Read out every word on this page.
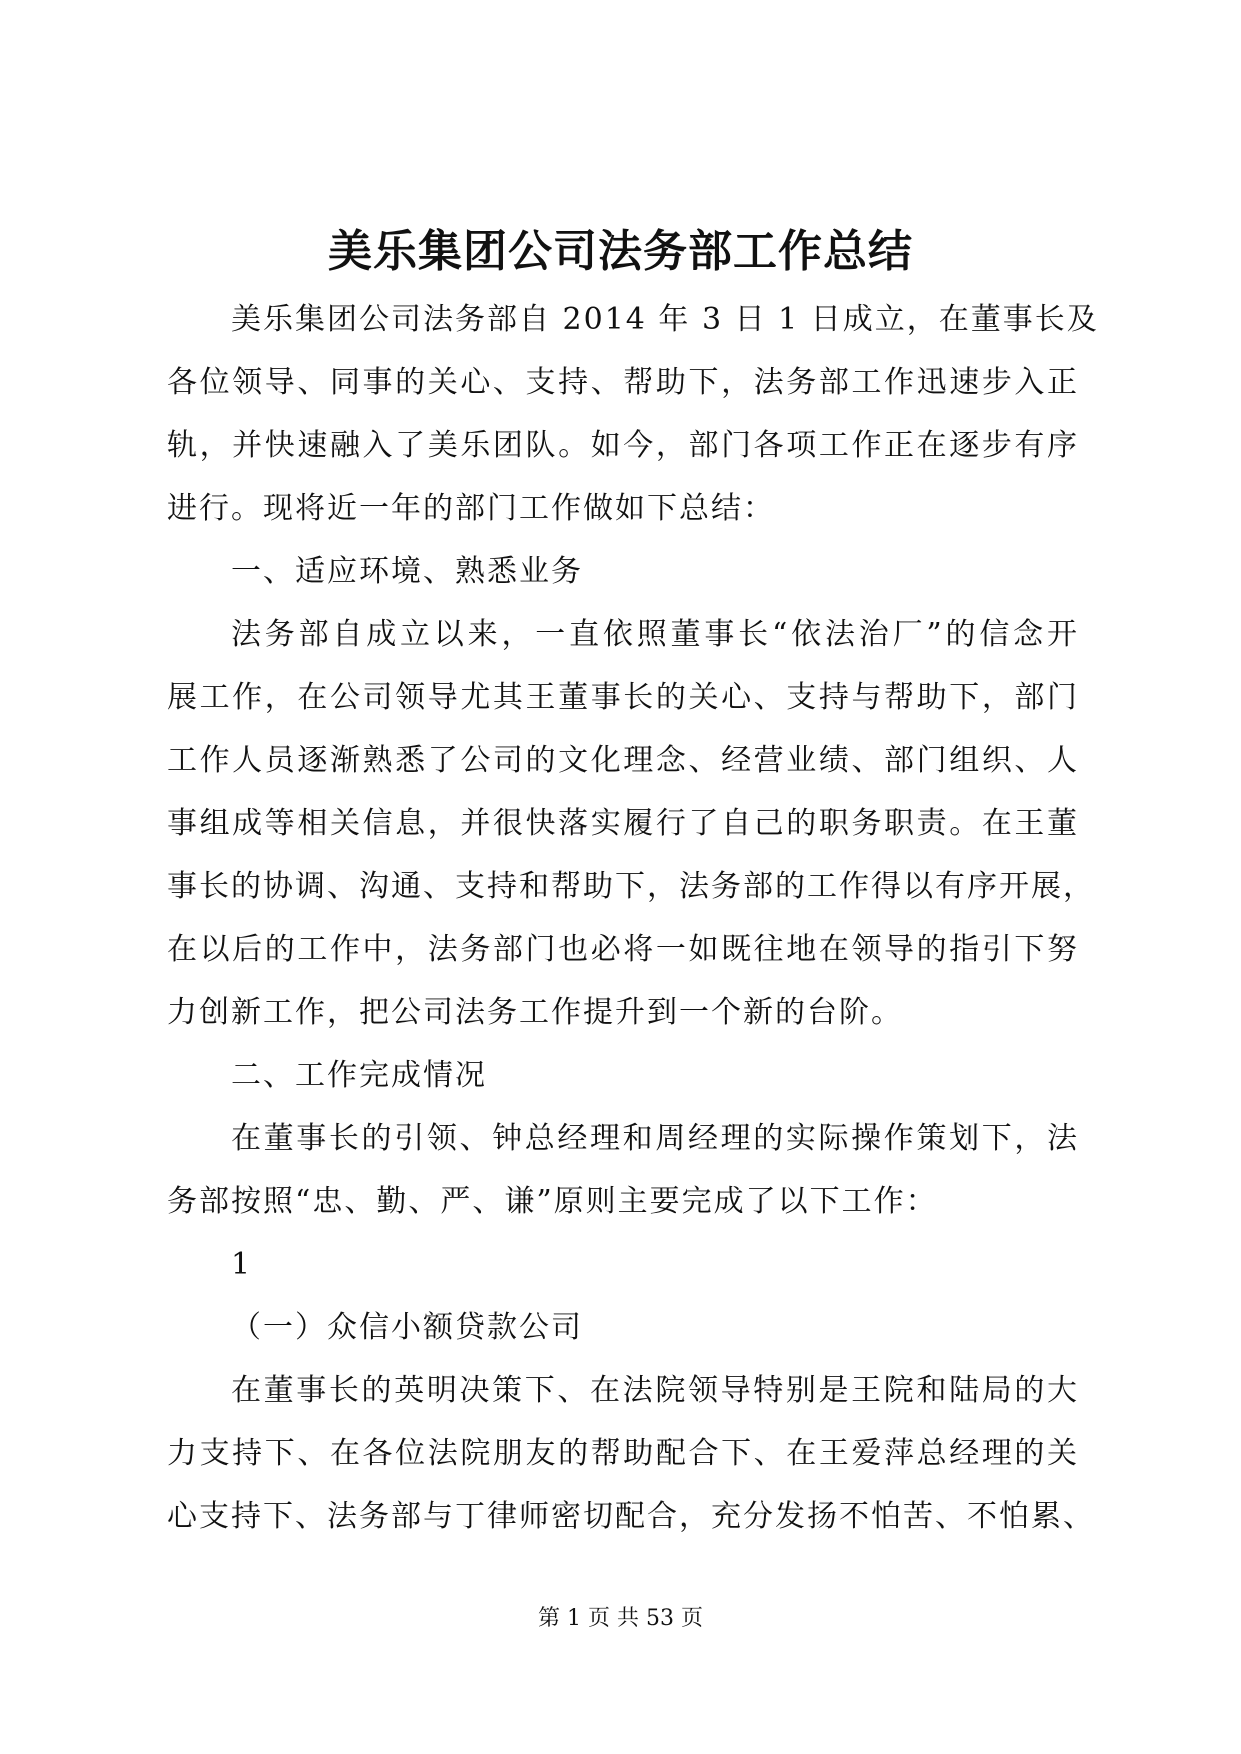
美乐集团公司法务部工作总结
美乐集团公司法务部自 2014 年 3 日 1 日成立，在董事长及
各位领导、同事的关心、支持、帮助下，法务部工作迅速步入正
轨，并快速融入了美乐团队。如今，部门各项工作正在逐步有序
进行。现将近一年的部门工作做如下总结：
一、适应环境、熟悉业务
法务部自成立以来，一直依照董事长“依法治厂”的信念开
展工作，在公司领导尤其王董事长的关心、支持与帮助下，部门
工作人员逐渐熟悉了公司的文化理念、经营业绩、部门组织、人
事组成等相关信息，并很快落实履行了自己的职务职责。在王董
事长的协调、沟通、支持和帮助下，法务部的工作得以有序开展，
在以后的工作中，法务部门也必将一如既往地在领导的指引下努
力创新工作，把公司法务工作提升到一个新的台阶。
二、工作完成情况
在董事长的引领、钟总经理和周经理的实际操作策划下，法
务部按照“忠、勤、严、谦”原则主要完成了以下工作：
1
（一）众信小额贷款公司
在董事长的英明决策下、在法院领导特别是王院和陆局的大
力支持下、在各位法院朋友的帮助配合下、在王爱萍总经理的关
心支持下、法务部与丁律师密切配合，充分发扬不怕苦、不怕累、
第 1 页 共 53 页
